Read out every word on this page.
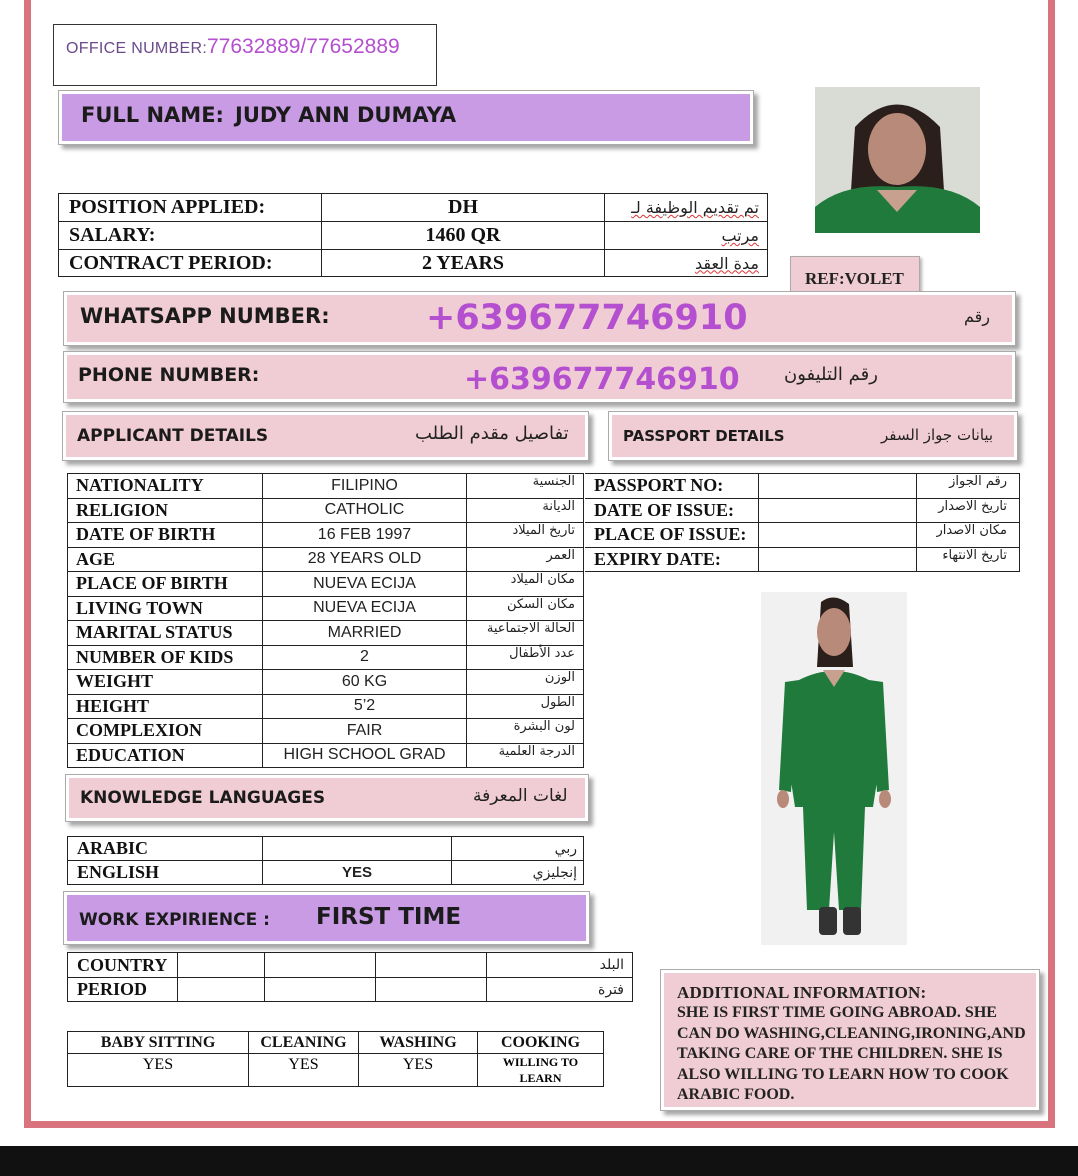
OFFICE NUMBER: 77632889/77652889
FULL NAME: JUDY ANN DUMAYA
POSITION APPLIED:	DH	تم تقديم الوظيفة لـ
SALARY:	1460 QR	مرتب
CONTRACT PERIOD:	2 YEARS	مدة العقد
REF:VOLET
WHATSAPP NUMBER:	+639677746910	رقم
PHONE NUMBER:	+639677746910 رقم التليفون
APPLICANT DETAILS	تفاصيل مقدم الطلب	PASSPORT DETAILS	بيانات جواز السفر
NATIONALITY	FILIPINO	الجنسية
RELIGION	CATHOLIC	الديانة
DATE OF BIRTH	16 FEB 1997	تاريخ الميلاد
AGE	28 YEARS OLD	العمر
PLACE OF BIRTH	NUEVA ECIJA	مكان الميلاد
LIVING TOWN	NUEVA ECIJA	مكان السكن
MARITAL STATUS	MARRIED	الحالة الاجتماعية
NUMBER OF KIDS	2	عدد الأطفال
WEIGHT	60 KG	الوزن
HEIGHT	5’2	الطول
COMPLEXION	FAIR	لون البشرة
EDUCATION	HIGH SCHOOL GRAD	الدرجة العلمية
PASSPORT NO:		رقم الجواز
DATE OF ISSUE:		تاريخ الاصدار
PLACE OF ISSUE:		مكان الاصدار
EXPIRY DATE:		تاريخ الانتهاء
KNOWLEDGE LANGUAGES	لغات المعرفة
ARABIC		ربي
ENGLISH	YES	إنجليزي
WORK EXPIRIENCE : FIRST TIME
COUNTRY				البلد
PERIOD				فترة
BABY SITTING	CLEANING	WASHING	COOKING
YES	YES	YES	WILLING TO LEARN
ADDITIONAL INFORMATION:
SHE IS FIRST TIME GOING ABROAD. SHE CAN DO WASHING,CLEANING,IRONING,AND TAKING CARE OF THE CHILDREN. SHE IS ALSO WILLING TO LEARN HOW TO COOK ARABIC FOOD.
